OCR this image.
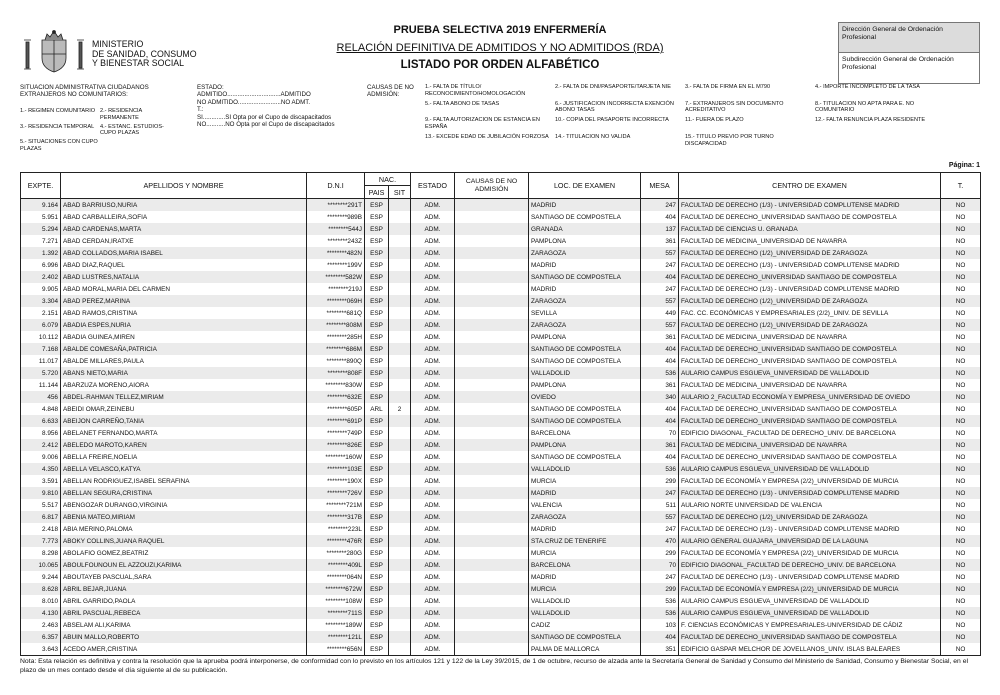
MINISTERIO
DE SANIDAD, CONSUMO
Y BIENESTAR SOCIAL
PRUEBA SELECTIVA 2019 ENFERMERÍA
RELACIÓN DEFINITIVA DE ADMITIDOS Y NO ADMITIDOS (RDA)
LISTADO POR ORDEN ALFABÉTICO
Dirección General de Ordenación Profesional
Subdirección General de Ordenación Profesional
SITUACION ADMINISTRATIVA CIUDADANOS EXTRANJEROS NO COMUNITARIOS:
1.- REGIMEN COMUNITARIO 2.- RESIDENCIA PERMANENTE
3.- RESIDENCIA TEMPORAL	4.- ESTANC. ESTUDIOS-CUPO PLAZAS
5.- SITUACIONES CON CUPO PLAZAS
ESTADO:
ADMITIDO...............................ADMITIDO
NO ADMITIDO.........................NO ADMT.
T.:
SI.............SI Opta por el Cupo de discapacitados
NO...........NO Opta por el Cupo de discapacitados
CAUSAS DE NO ADMISIÓN:
1.- FALTA DE TÍTULO/ RECONOCIMIENTO/HOMOLOGACIÓN
2.- FALTA DE DNI/PASAPORTE/TARJETA NIE	3.- FALTA DE FIRMA EN EL M790	4.- IMPORTE INCOMPLETO DE LA TASA
5.- FALTA ABONO DE TASAS	6.- JUSTIFICACION INCORRECTA EXENCIÓN ABONO TASAS
7.- EXTRANJEROS SIN DOCUMENTO ACREDITATIVO
8.- TITULACION NO APTA PARA E. NO COMUNITARIO
9.- FALTA AUTORIZACION DE ESTANCIA EN ESPAÑA
10.- COPIA DEL PASAPORTE INCORRECTA	11.- FUERA DE PLAZO	12.- FALTA RENUNCIA PLAZA RESIDENTE
13.- EXCEDE EDAD DE JUBILACIÓN FORZOSA	14.- TITULACION NO VALIDA	15.- TITULO PREVIO POR TURNO DISCAPACIDAD
Página: 1
EXPTE.	APELLIDOS Y NOMBRE	D.N.I	NAC.		ESTADO	CAUSAS DE NO ADMISIÓN	LOC. DE EXAMEN	MESA	CENTRO DE EXAMEN	T.
			PAIS	SIT						
9.164	ABAD BARRIUSO,NURIA	********291T	ESP		ADM.		MADRID	247	FACULTAD DE DERECHO (1/3) - UNIVERSIDAD COMPLUTENSE MADRID	NO
5.951	ABAD CARBALLEIRA,SOFIA	********989B	ESP		ADM.		SANTIAGO DE COMPOSTELA	404	FACULTAD DE DERECHO_UNIVERSIDAD SANTIAGO DE COMPOSTELA	NO
5.294	ABAD CARDENAS,MARTA	********544J	ESP		ADM.		GRANADA	137	FACULTAD DE CIENCIAS U. GRANADA	NO
7.271	ABAD CERDAN,IRATXE	********243Z	ESP		ADM.		PAMPLONA	361	FACULTAD DE MEDICINA_UNIVERSIDAD DE NAVARRA	NO
1.392	ABAD COLLADOS,MARIA ISABEL	********482N	ESP		ADM.		ZARAGOZA	557	FACULTAD DE DERECHO (1/2)_UNIVERSIDAD DE ZARAGOZA	NO
6.996	ABAD DIAZ,RAQUEL	********199V	ESP		ADM.		MADRID	247	FACULTAD DE DERECHO (1/3) - UNIVERSIDAD COMPLUTENSE MADRID	NO
2.402	ABAD LUSTRES,NATALIA	********582W	ESP		ADM.		SANTIAGO DE COMPOSTELA	404	FACULTAD DE DERECHO_UNIVERSIDAD SANTIAGO DE COMPOSTELA	NO
9.905	ABAD MORAL,MARIA DEL CARMEN	********219J	ESP		ADM.		MADRID	247	FACULTAD DE DERECHO (1/3) - UNIVERSIDAD COMPLUTENSE MADRID	NO
3.304	ABAD PEREZ,MARINA	********069H	ESP		ADM.		ZARAGOZA	557	FACULTAD DE DERECHO (1/2)_UNIVERSIDAD DE ZARAGOZA	NO
2.151	ABAD RAMOS,CRISTINA	********681Q	ESP		ADM.		SEVILLA	449	FAC. CC. ECONÓMICAS Y EMPRESARIALES (2/2)_UNIV. DE SEVILLA	NO
6.079	ABADIA ESPES,NURIA	********808M	ESP		ADM.		ZARAGOZA	557	FACULTAD DE DERECHO (1/2)_UNIVERSIDAD DE ZARAGOZA	NO
10.112	ABADIA GUINEA,MIREN	********285H	ESP		ADM.		PAMPLONA	361	FACULTAD DE MEDICINA_UNIVERSIDAD DE NAVARRA	NO
7.168	ABALDE COMESAÑA,PATRICIA	********686M	ESP		ADM.		SANTIAGO DE COMPOSTELA	404	FACULTAD DE DERECHO_UNIVERSIDAD SANTIAGO DE COMPOSTELA	NO
11.017	ABALDE MILLARES,PAULA	********890Q	ESP		ADM.		SANTIAGO DE COMPOSTELA	404	FACULTAD DE DERECHO_UNIVERSIDAD SANTIAGO DE COMPOSTELA	NO
5.720	ABANS NIETO,MARIA	********808F	ESP		ADM.		VALLADOLID	536	AULARIO CAMPUS ESGUEVA_UNIVERSIDAD DE VALLADOLID	NO
11.144	ABARZUZA MORENO,AIORA	********830W	ESP		ADM.		PAMPLONA	361	FACULTAD DE MEDICINA_UNIVERSIDAD DE NAVARRA	NO
456	ABDEL-RAHMAN TELLEZ,MIRIAM	********632E	ESP		ADM.		OVIEDO	340	AULARIO 2_FACULTAD ECONOMÍA Y EMPRESA_UNIVERSIDAD DE OVIEDO	NO
4.848	ABEIDI OMAR,ZEINEBU	********605P	ARL	2	ADM.		SANTIAGO DE COMPOSTELA	404	FACULTAD DE DERECHO_UNIVERSIDAD SANTIAGO DE COMPOSTELA	NO
6.633	ABEIJON CARREÑO,TANIA	********691P	ESP		ADM.		SANTIAGO DE COMPOSTELA	404	FACULTAD DE DERECHO_UNIVERSIDAD SANTIAGO DE COMPOSTELA	NO
8.956	ABELANET FERNANDO,MARTA	********749P	ESP		ADM.		BARCELONA	70	EDIFICIO DIAGONAL_FACULTAD DE DERECHO_UNIV. DE BARCELONA	NO
2.412	ABELEDO MAROTO,KAREN	********826E	ESP		ADM.		PAMPLONA	361	FACULTAD DE MEDICINA_UNIVERSIDAD DE NAVARRA	NO
9.006	ABELLA FREIRE,NOELIA	********160W	ESP		ADM.		SANTIAGO DE COMPOSTELA	404	FACULTAD DE DERECHO_UNIVERSIDAD SANTIAGO DE COMPOSTELA	NO
4.350	ABELLA VELASCO,KATYA	********103E	ESP		ADM.		VALLADOLID	536	AULARIO CAMPUS ESGUEVA_UNIVERSIDAD DE VALLADOLID	NO
3.591	ABELLAN RODRIGUEZ,ISABEL SERAFINA	********190X	ESP		ADM.		MURCIA	299	FACULTAD DE ECONOMÍA Y EMPRESA (2/2)_UNIVERSIDAD DE MURCIA	NO
9.810	ABELLAN SEGURA,CRISTINA	********726V	ESP		ADM.		MADRID	247	FACULTAD DE DERECHO (1/3) - UNIVERSIDAD COMPLUTENSE MADRID	NO
5.517	ABENGOZAR DURANGO,VIRGINIA	********721M	ESP		ADM.		VALENCIA	511	AULARIO NORTE UNIVERSIDAD DE VALENCIA	NO
6.817	ABENIA MATEO,MIRIAM	********317B	ESP		ADM.		ZARAGOZA	557	FACULTAD DE DERECHO (1/2)_UNIVERSIDAD DE ZARAGOZA	NO
2.418	ABIA MERINO,PALOMA	********223L	ESP		ADM.		MADRID	247	FACULTAD DE DERECHO (1/3) - UNIVERSIDAD COMPLUTENSE MADRID	NO
7.773	ABOKY COLLINS,JUANA RAQUEL	********476R	ESP		ADM.		STA.CRUZ DE TENERIFE	470	AULARIO GENERAL GUAJARA_UNIVERSIDAD DE LA LAGUNA	NO
8.298	ABOLAFIO GOMEZ,BEATRIZ	********280G	ESP		ADM.		MURCIA	299	FACULTAD DE ECONOMÍA Y EMPRESA (2/2)_UNIVERSIDAD DE MURCIA	NO
10.065	ABOULFOUNOUN EL AZZOUZI,KARIMA	********409L	ESP		ADM.		BARCELONA	70	EDIFICIO DIAGONAL_FACULTAD DE DERECHO_UNIV. DE BARCELONA	NO
9.244	ABOUTAYEB PASCUAL,SARA	********064N	ESP		ADM.		MADRID	247	FACULTAD DE DERECHO (1/3) - UNIVERSIDAD COMPLUTENSE MADRID	NO
8.628	ABRIL BEJAR,JUANA	********672W	ESP		ADM.		MURCIA	299	FACULTAD DE ECONOMÍA Y EMPRESA (2/2)_UNIVERSIDAD DE MURCIA	NO
8.010	ABRIL GARRIDO,PAOLA	********108W	ESP		ADM.		VALLADOLID	536	AULARIO CAMPUS ESGUEVA_UNIVERSIDAD DE VALLADOLID	NO
4.130	ABRIL PASCUAL,REBECA	********711S	ESP		ADM.		VALLADOLID	536	AULARIO CAMPUS ESGUEVA_UNIVERSIDAD DE VALLADOLID	NO
2.463	ABSELAM ALI,KARIMA	********189W	ESP		ADM.		CADIZ	103	F. CIENCIAS ECONÓMICAS Y EMPRESARIALES-UNIVERSIDAD DE CÁDIZ	NO
6.357	ABUIN MALLO,ROBERTO	********121L	ESP		ADM.		SANTIAGO DE COMPOSTELA	404	FACULTAD DE DERECHO_UNIVERSIDAD SANTIAGO DE COMPOSTELA	NO
3.643	ACEDO AMER,CRISTINA	********656N	ESP		ADM.		PALMA DE MALLORCA	351	EDIFICIO GASPAR MELCHOR DE JOVELLANOS_UNIV. ISLAS BALEARES	NO
Nota: Esta relación es definitiva y contra la resolución que la aprueba podrá interponerse, de conformidad con lo previsto en los artículos 121 y 122 de la Ley 39/2015, de 1 de octubre, recurso de alzada ante la Secretaría General de Sanidad y Consumo del Ministerio de Sanidad, Consumo y Bienestar Social, en el plazo de un mes contado desde el día siguiente al de su publicación.
